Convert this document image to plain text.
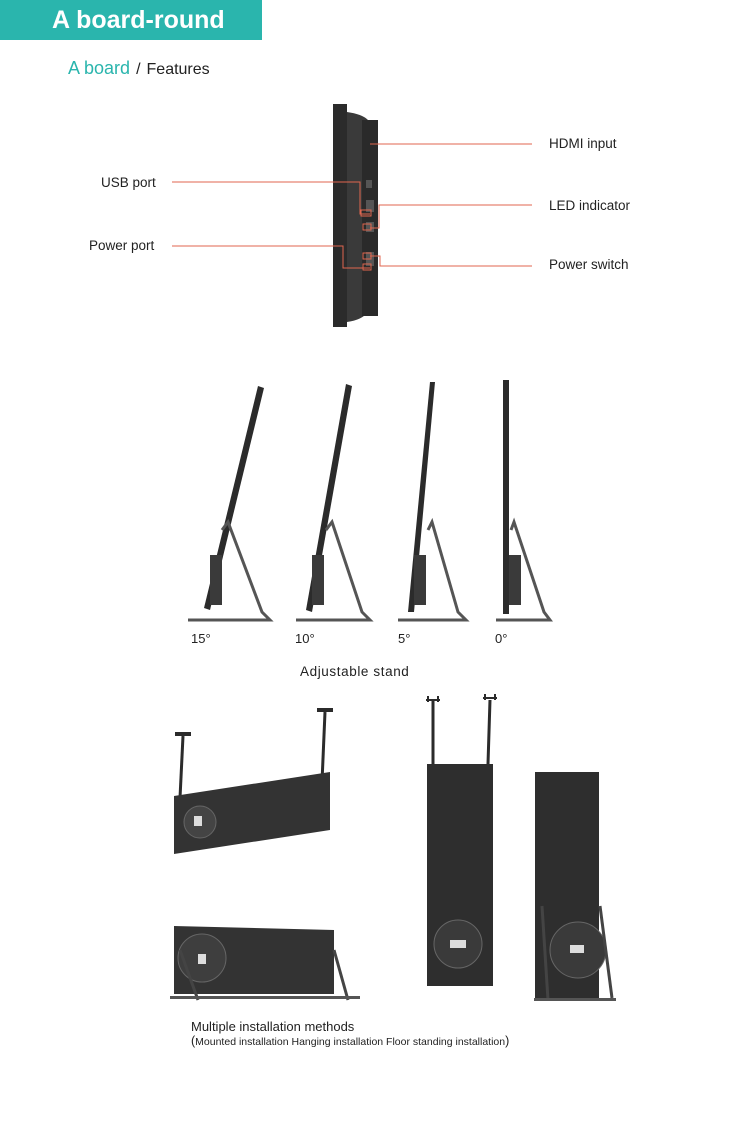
A board-round
A board / Features
HDMI input
LED indicator
Power switch
USB port
Power port
15°	10°	5°	0°
Adjustable stand
Multiple installation methods
(Mounted installation Hanging installation Floor standing installation)
